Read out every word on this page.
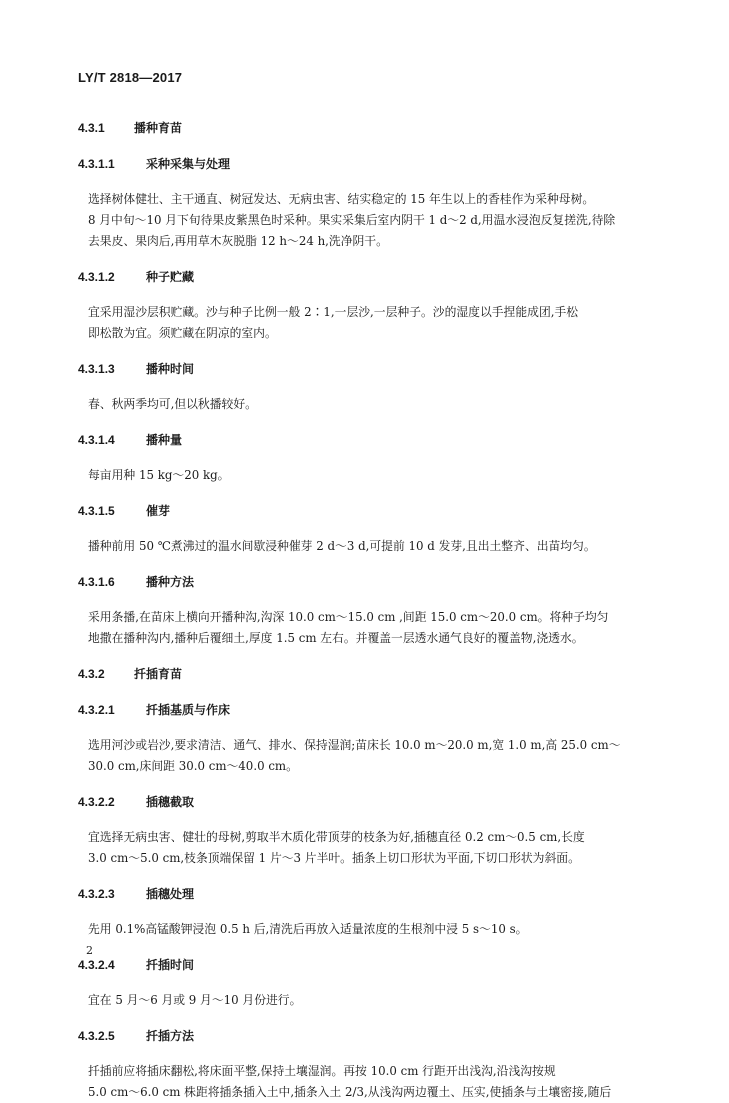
LY/T 2818—2017
4.3.1 播种育苗
4.3.1.1	采种采集与处理

选择树体健壮、主干通直、树冠发达、无病虫害、结实稳定的 15 年生以上的香桂作为采种母树。
8 月中旬～10 月下旬待果皮紫黑色时采种。果实采集后室内阴干 1 d～2 d,用温水浸泡反复搓洗,待除
去果皮、果肉后,再用草木灰脱脂 12 h～24 h,洗净阴干。

4.3.1.2	种子贮藏

宜采用湿沙层积贮藏。沙与种子比例一般 2∶1,一层沙,一层种子。沙的湿度以手捏能成团,手松
即松散为宜。须贮藏在阴凉的室内。

4.3.1.3	播种时间

春、秋两季均可,但以秋播较好。

4.3.1.4	播种量

每亩用种 15 kg～20 kg。

4.3.1.5	催芽

播种前用 50 ℃煮沸过的温水间歇浸种催芽 2 d～3 d,可提前 10 d 发芽,且出土整齐、出苗均匀。

4.3.1.6	播种方法

采用条播,在苗床上横向开播种沟,沟深 10.0 cm～15.0 cm ,间距 15.0 cm～20.0 cm。将种子均匀
地撒在播种沟内,播种后覆细土,厚度 1.5 cm 左右。并覆盖一层透水通气良好的覆盖物,浇透水。

4.3.2 扦插育苗
4.3.2.1	扦插基质与作床

选用河沙或岩沙,要求清洁、通气、排水、保持湿润;苗床长 10.0 m～20.0 m,宽 1.0 m,高 25.0 cm～
30.0 cm,床间距 30.0 cm～40.0 cm。

4.3.2.2	插穗截取

宜选择无病虫害、健壮的母树,剪取半木质化带顶芽的枝条为好,插穗直径 0.2 cm～0.5 cm,长度
3.0 cm～5.0 cm,枝条顶端保留 1 片～3 片半叶。插条上切口形状为平面,下切口形状为斜面。

4.3.2.3	插穗处理

先用 0.1%高锰酸钾浸泡 0.5 h 后,清洗后再放入适量浓度的生根剂中浸 5 s～10 s。

4.3.2.4	扦插时间

宜在 5 月～6 月或 9 月～10 月份进行。

4.3.2.5	扦插方法

扦插前应将插床翻松,将床面平整,保持土壤湿润。再按 10.0 cm 行距开出浅沟,沿浅沟按规
5.0 cm～6.0 cm 株距将插条插入土中,插条入土 2/3,从浅沟两边覆土、压实,使插条与土壤密接,随后

2
